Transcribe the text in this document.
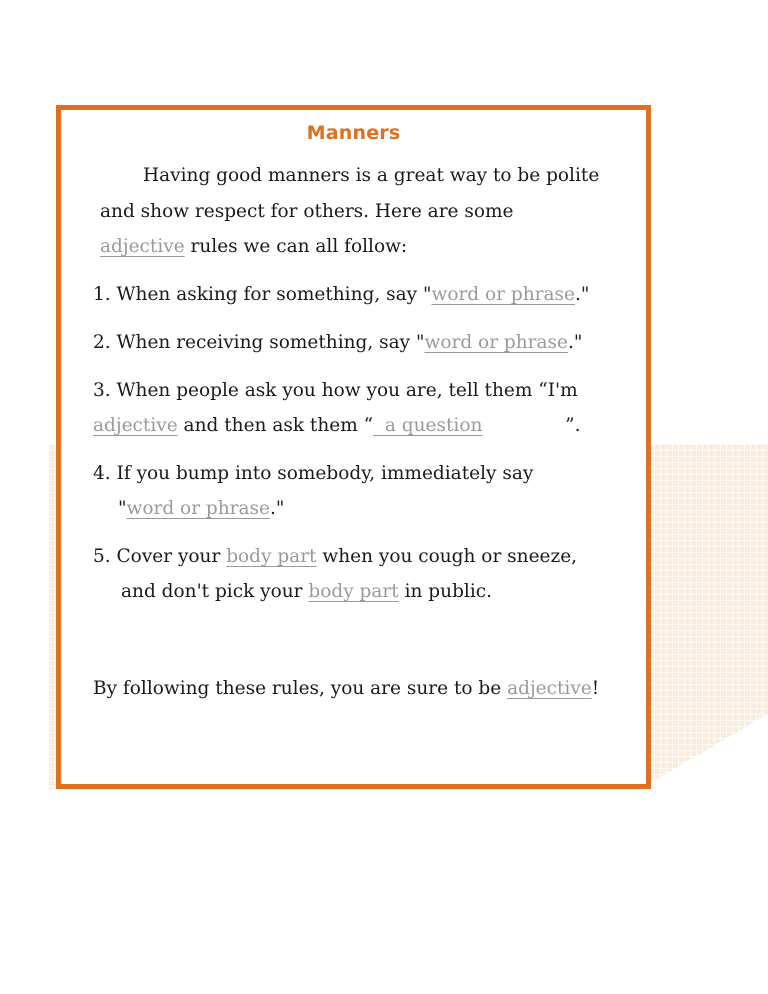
Manners

Having good manners is a great way to be polite

and show respect for others. Here are some

adjective rules we can all follow:

1. When asking for something, say "word or phrase."

2. When receiving something, say "word or phrase."

3. When people ask you how you are, tell them “I'm

adjective and then ask them “  a question	”.

4. If you bump into somebody, immediately say

"word or phrase."

5. Cover your body part when you cough or sneeze,

and don't pick your body part in public.

By following these rules, you are sure to be adjective!
